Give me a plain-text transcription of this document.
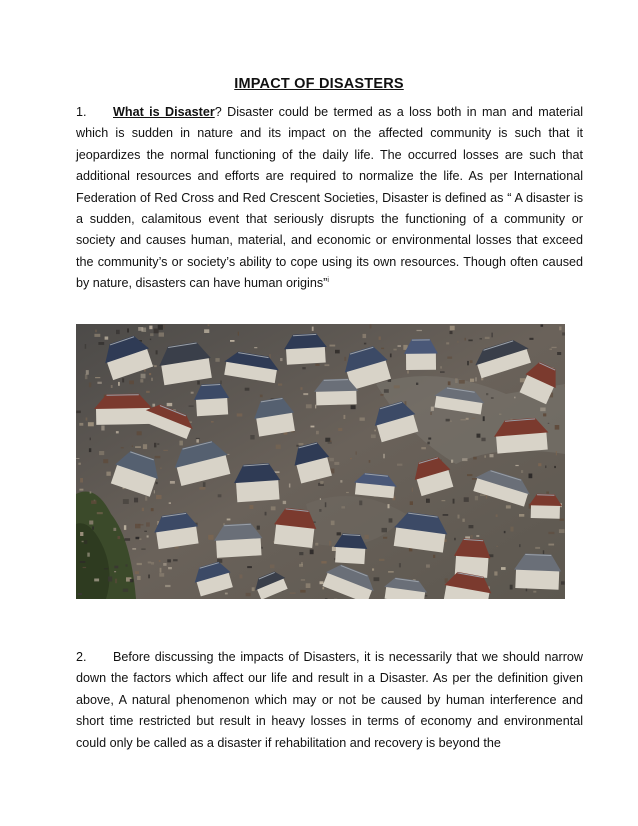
IMPACT OF DISASTERS
1. What is Disaster? Disaster could be termed as a loss both in man and material which is sudden in nature and its impact on the affected community is such that it jeopardizes the normal functioning of the daily life. The occurred losses are such that additional resources and efforts are required to normalize the life. As per International Federation of Red Cross and Red Crescent Societies, Disaster is defined as “ A disaster is a sudden, calamitous event that seriously disrupts the functioning of a community or society and causes human, material, and economic or environmental losses that exceed the community’s or society’s ability to cope using its own resources. Though often caused by nature, disasters can have human origins”$^i$
2. Before discussing the impacts of Disasters, it is necessarily that we should narrow down the factors which affect our life and result in a Disaster. As per the definition given above, A natural phenomenon which may or not be caused by human interference and short time restricted but result in heavy losses in terms of economy and environmental could only be called as a disaster if rehabilitation and recovery is beyond the
